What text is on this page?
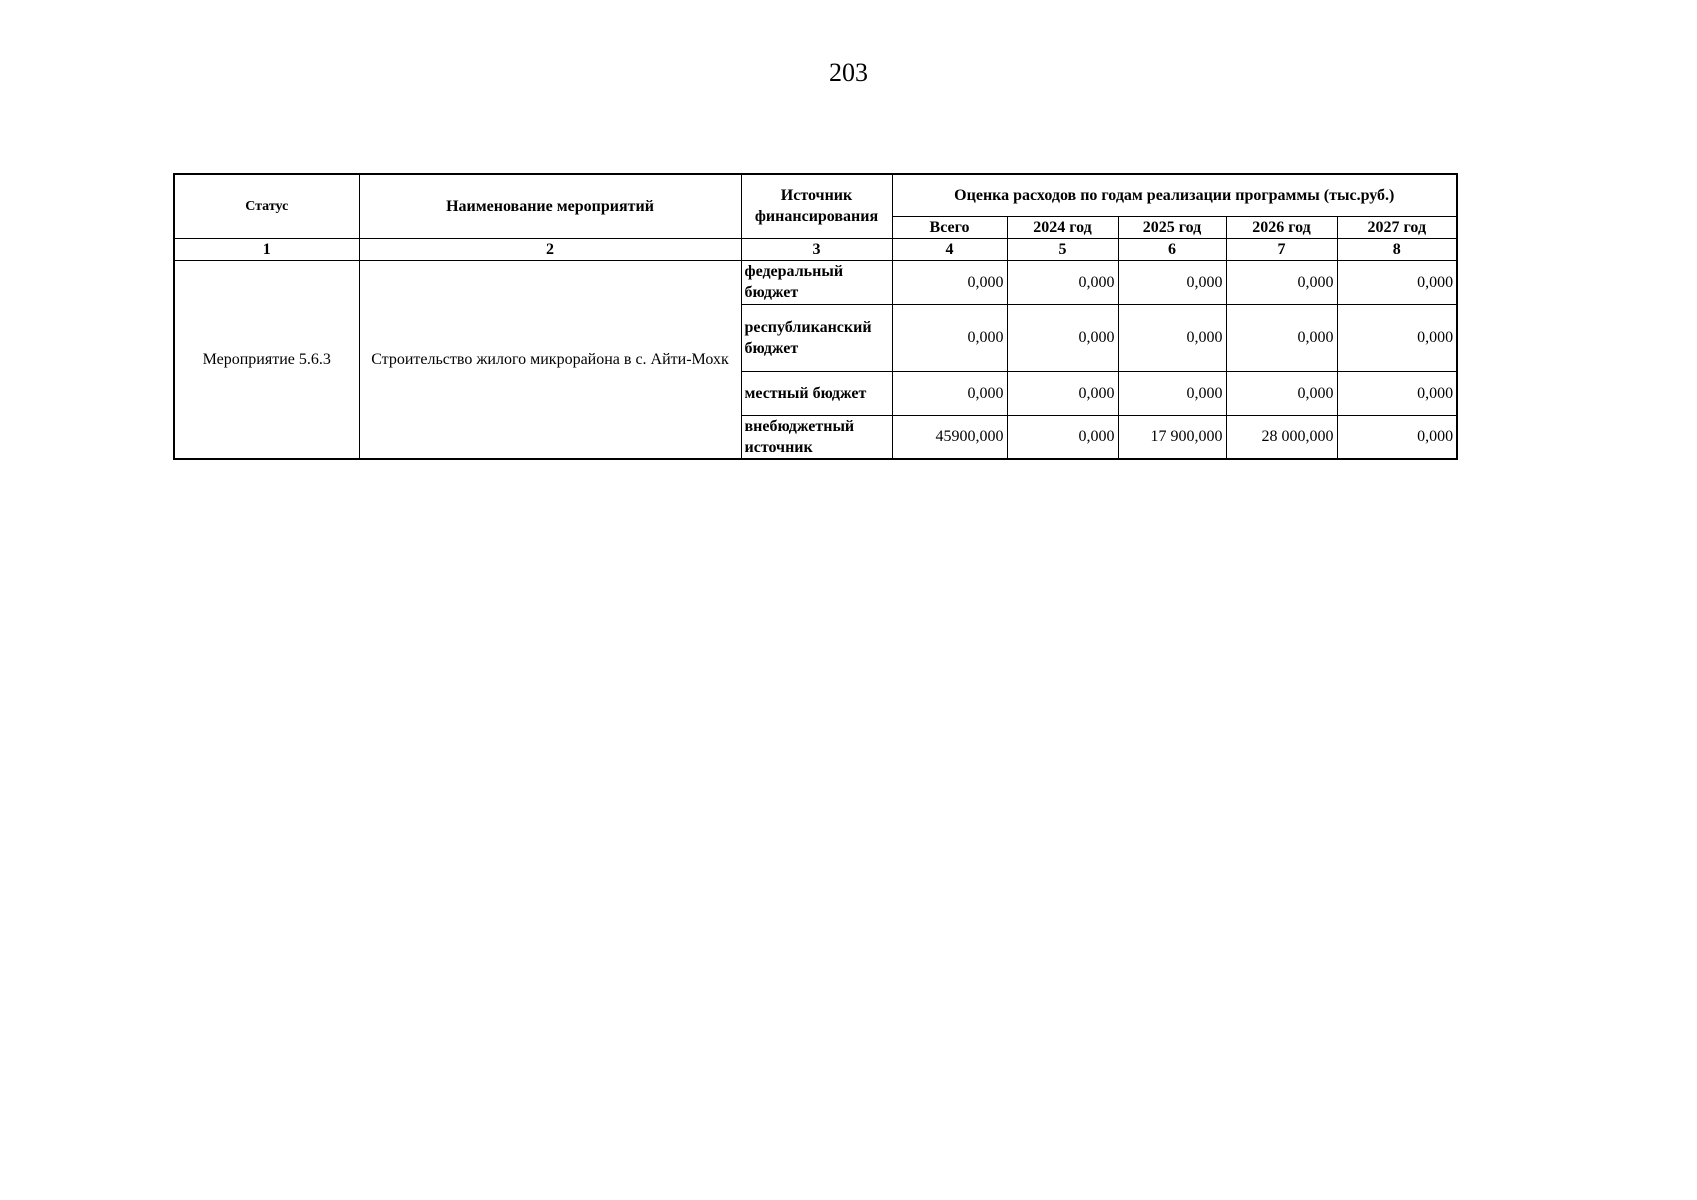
203
Статус	Наименование мероприятий	Источник финансирования	Оценка расходов по годам реализации программы (тыс.руб.)				
			Всего	2024 год	2025 год	2026 год	2027 год
1	2	3	4	5	6	7	8
Мероприятие 5.6.3	Строительство жилого микрорайона в с. Айти-Мохк	федеральный бюджет	0,000	0,000	0,000	0,000	0,000
		республиканский бюджет	0,000	0,000	0,000	0,000	0,000
		местный бюджет	0,000	0,000	0,000	0,000	0,000
		внебюджетный источник	45900,000	0,000	17 900,000	28 000,000	0,000
